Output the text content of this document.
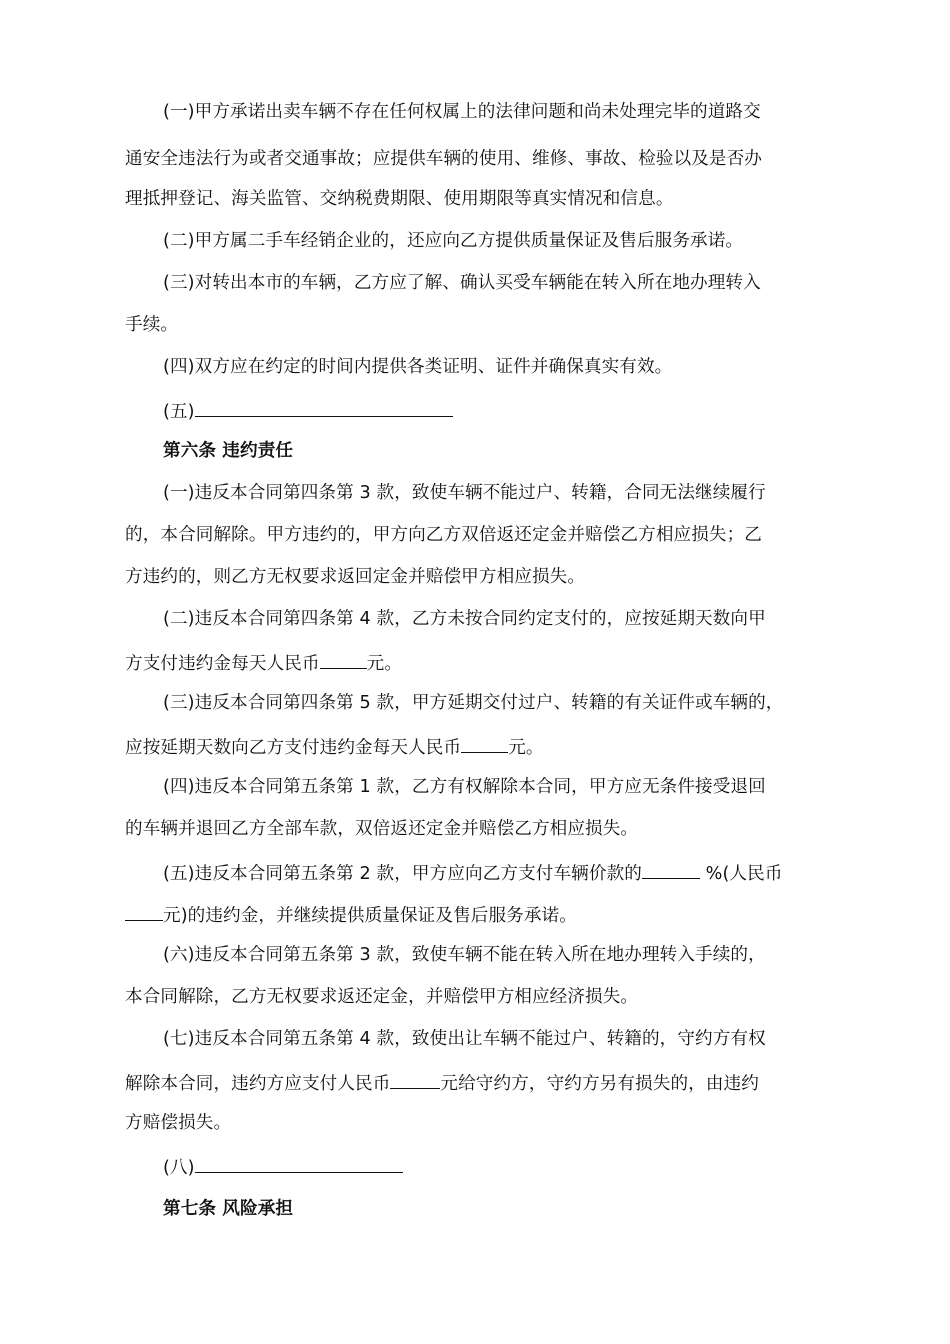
(一)甲方承诺出卖车辆不存在任何权属上的法律问题和尚未处理完毕的道路交
通安全违法行为或者交通事故；应提供车辆的使用、维修、事故、检验以及是否办
理抵押登记、海关监管、交纳税费期限、使用期限等真实情况和信息。
(二)甲方属二手车经销企业的，还应向乙方提供质量保证及售后服务承诺。
(三)对转出本市的车辆，乙方应了解、确认买受车辆能在转入所在地办理转入
手续。
(四)双方应在约定的时间内提供各类证明、证件并确保真实有效。
(五)
第六条 违约责任
(一)违反本合同第四条第 3 款，致使车辆不能过户、转籍，合同无法继续履行
的，本合同解除。甲方违约的，甲方向乙方双倍返还定金并赔偿乙方相应损失；乙
方违约的，则乙方无权要求返回定金并赔偿甲方相应损失。
(二)违反本合同第四条第 4 款，乙方未按合同约定支付的，应按延期天数向甲
方支付违约金每天人民币	元。
(三)违反本合同第四条第 5 款，甲方延期交付过户、转籍的有关证件或车辆的，
应按延期天数向乙方支付违约金每天人民币	元。
(四)违反本合同第五条第 1 款，乙方有权解除本合同，甲方应无条件接受退回
的车辆并退回乙方全部车款，双倍返还定金并赔偿乙方相应损失。
(五)违反本合同第五条第 2 款，甲方应向乙方支付车辆价款的	%(人民币
元)的违约金，并继续提供质量保证及售后服务承诺。
(六)违反本合同第五条第 3 款，致使车辆不能在转入所在地办理转入手续的，
本合同解除，乙方无权要求返还定金，并赔偿甲方相应经济损失。
(七)违反本合同第五条第 4 款，致使出让车辆不能过户、转籍的，守约方有权
解除本合同，违约方应支付人民币	元给守约方，守约方另有损失的，由违约
方赔偿损失。
(八)
第七条 风险承担
